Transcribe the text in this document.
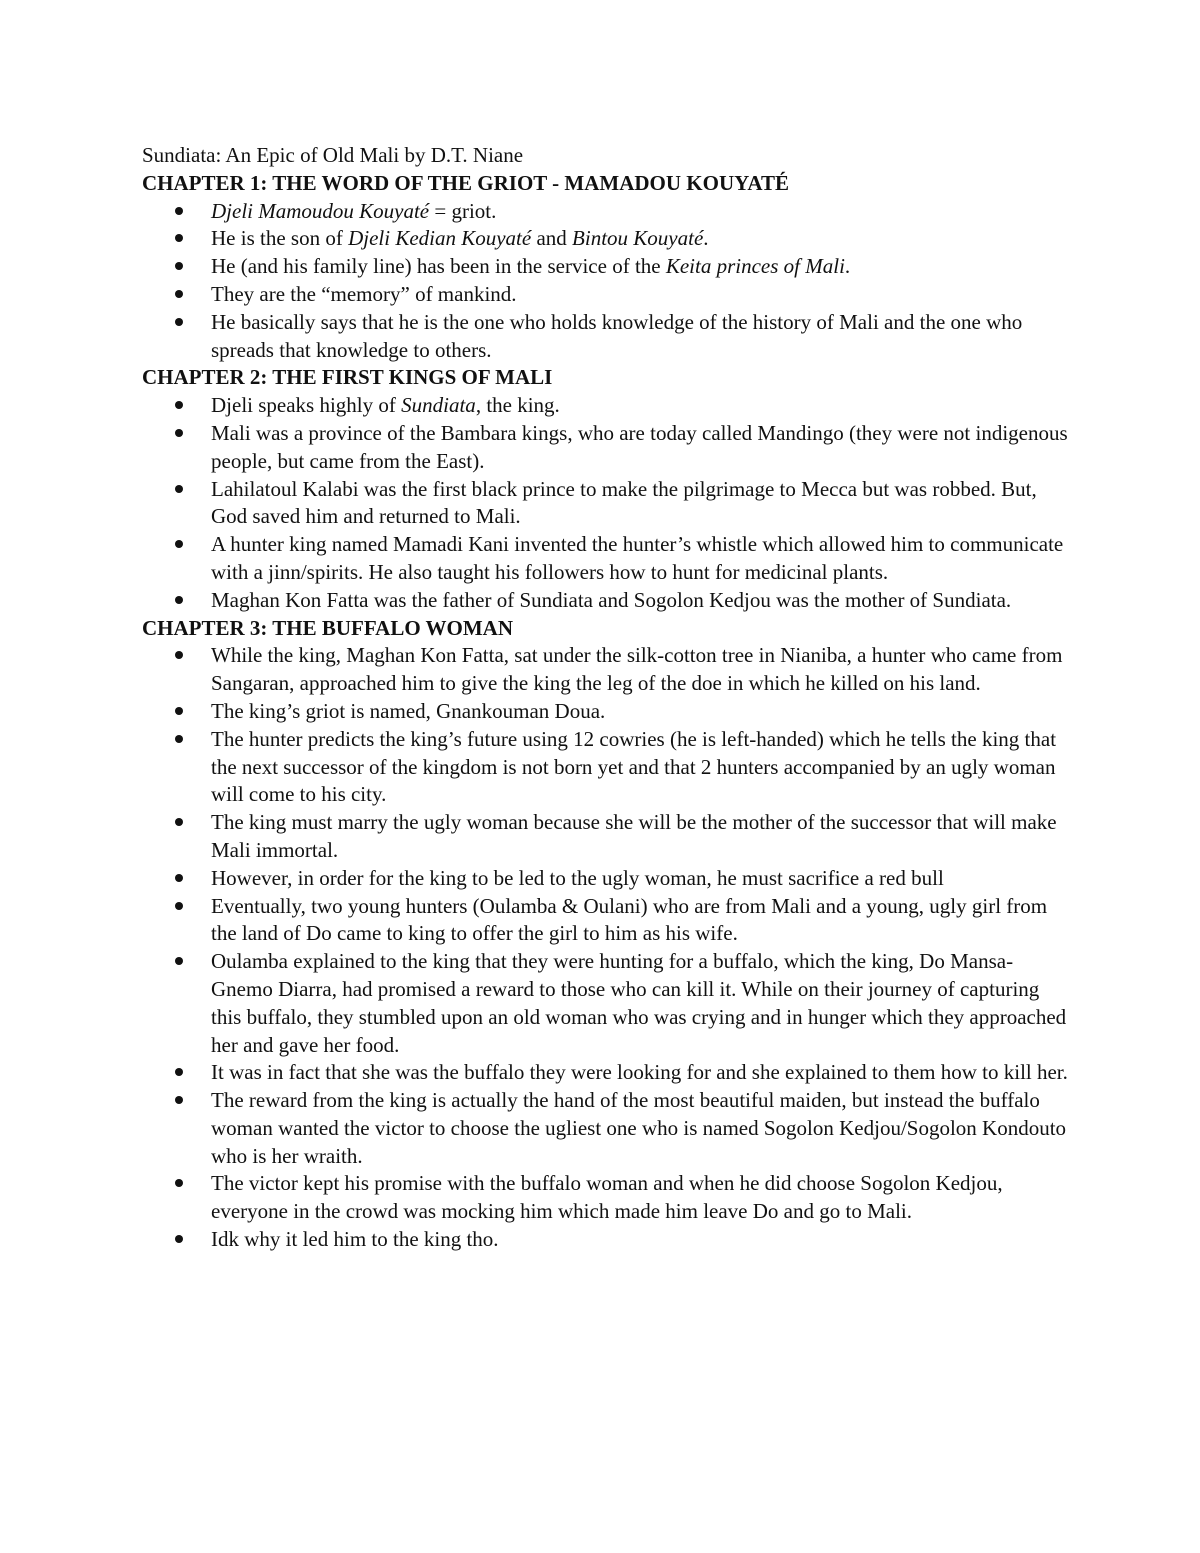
Sundiata: An Epic of Old Mali by D.T. Niane

CHAPTER 1: THE WORD OF THE GRIOT - MAMADOU KOUYATÉ
Djeli Mamoudou Kouyaté = griot.
He is the son of Djeli Kedian Kouyaté and Bintou Kouyaté.
He (and his family line) has been in the service of the Keita princes of Mali.
They are the “memory” of mankind.
He basically says that he is the one who holds knowledge of the history of Mali and the one who spreads that knowledge to others.
CHAPTER 2: THE FIRST KINGS OF MALI
Djeli speaks highly of Sundiata, the king.
Mali was a province of the Bambara kings, who are today called Mandingo (they were not indigenous people, but came from the East).
Lahilatoul Kalabi was the first black prince to make the pilgrimage to Mecca but was robbed. But, God saved him and returned to Mali.
A hunter king named Mamadi Kani invented the hunter’s whistle which allowed him to communicate with a jinn/spirits. He also taught his followers how to hunt for medicinal plants.
Maghan Kon Fatta was the father of Sundiata and Sogolon Kedjou was the mother of Sundiata.
CHAPTER 3: THE BUFFALO WOMAN
While the king, Maghan Kon Fatta, sat under the silk-cotton tree in Nianiba, a hunter who came from Sangaran, approached him to give the king the leg of the doe in which he killed on his land.
The king’s griot is named, Gnankouman Doua.
The hunter predicts the king’s future using 12 cowries (he is left-handed) which he tells the king that the next successor of the kingdom is not born yet and that 2 hunters accompanied by an ugly woman will come to his city.
The king must marry the ugly woman because she will be the mother of the successor that will make Mali immortal.
However, in order for the king to be led to the ugly woman, he must sacrifice a red bull
Eventually, two young hunters (Oulamba & Oulani) who are from Mali and a young, ugly girl from the land of Do came to king to offer the girl to him as his wife.
Oulamba explained to the king that they were hunting for a buffalo, which the king, Do Mansa-Gnemo Diarra, had promised a reward to those who can kill it. While on their journey of capturing this buffalo, they stumbled upon an old woman who was crying and in hunger which they approached her and gave her food.
It was in fact that she was the buffalo they were looking for and she explained to them how to kill her.
The reward from the king is actually the hand of the most beautiful maiden, but instead the buffalo woman wanted the victor to choose the ugliest one who is named Sogolon Kedjou/Sogolon Kondouto who is her wraith.
The victor kept his promise with the buffalo woman and when he did choose Sogolon Kedjou, everyone in the crowd was mocking him which made him leave Do and go to Mali.
Idk why it led him to the king tho.
